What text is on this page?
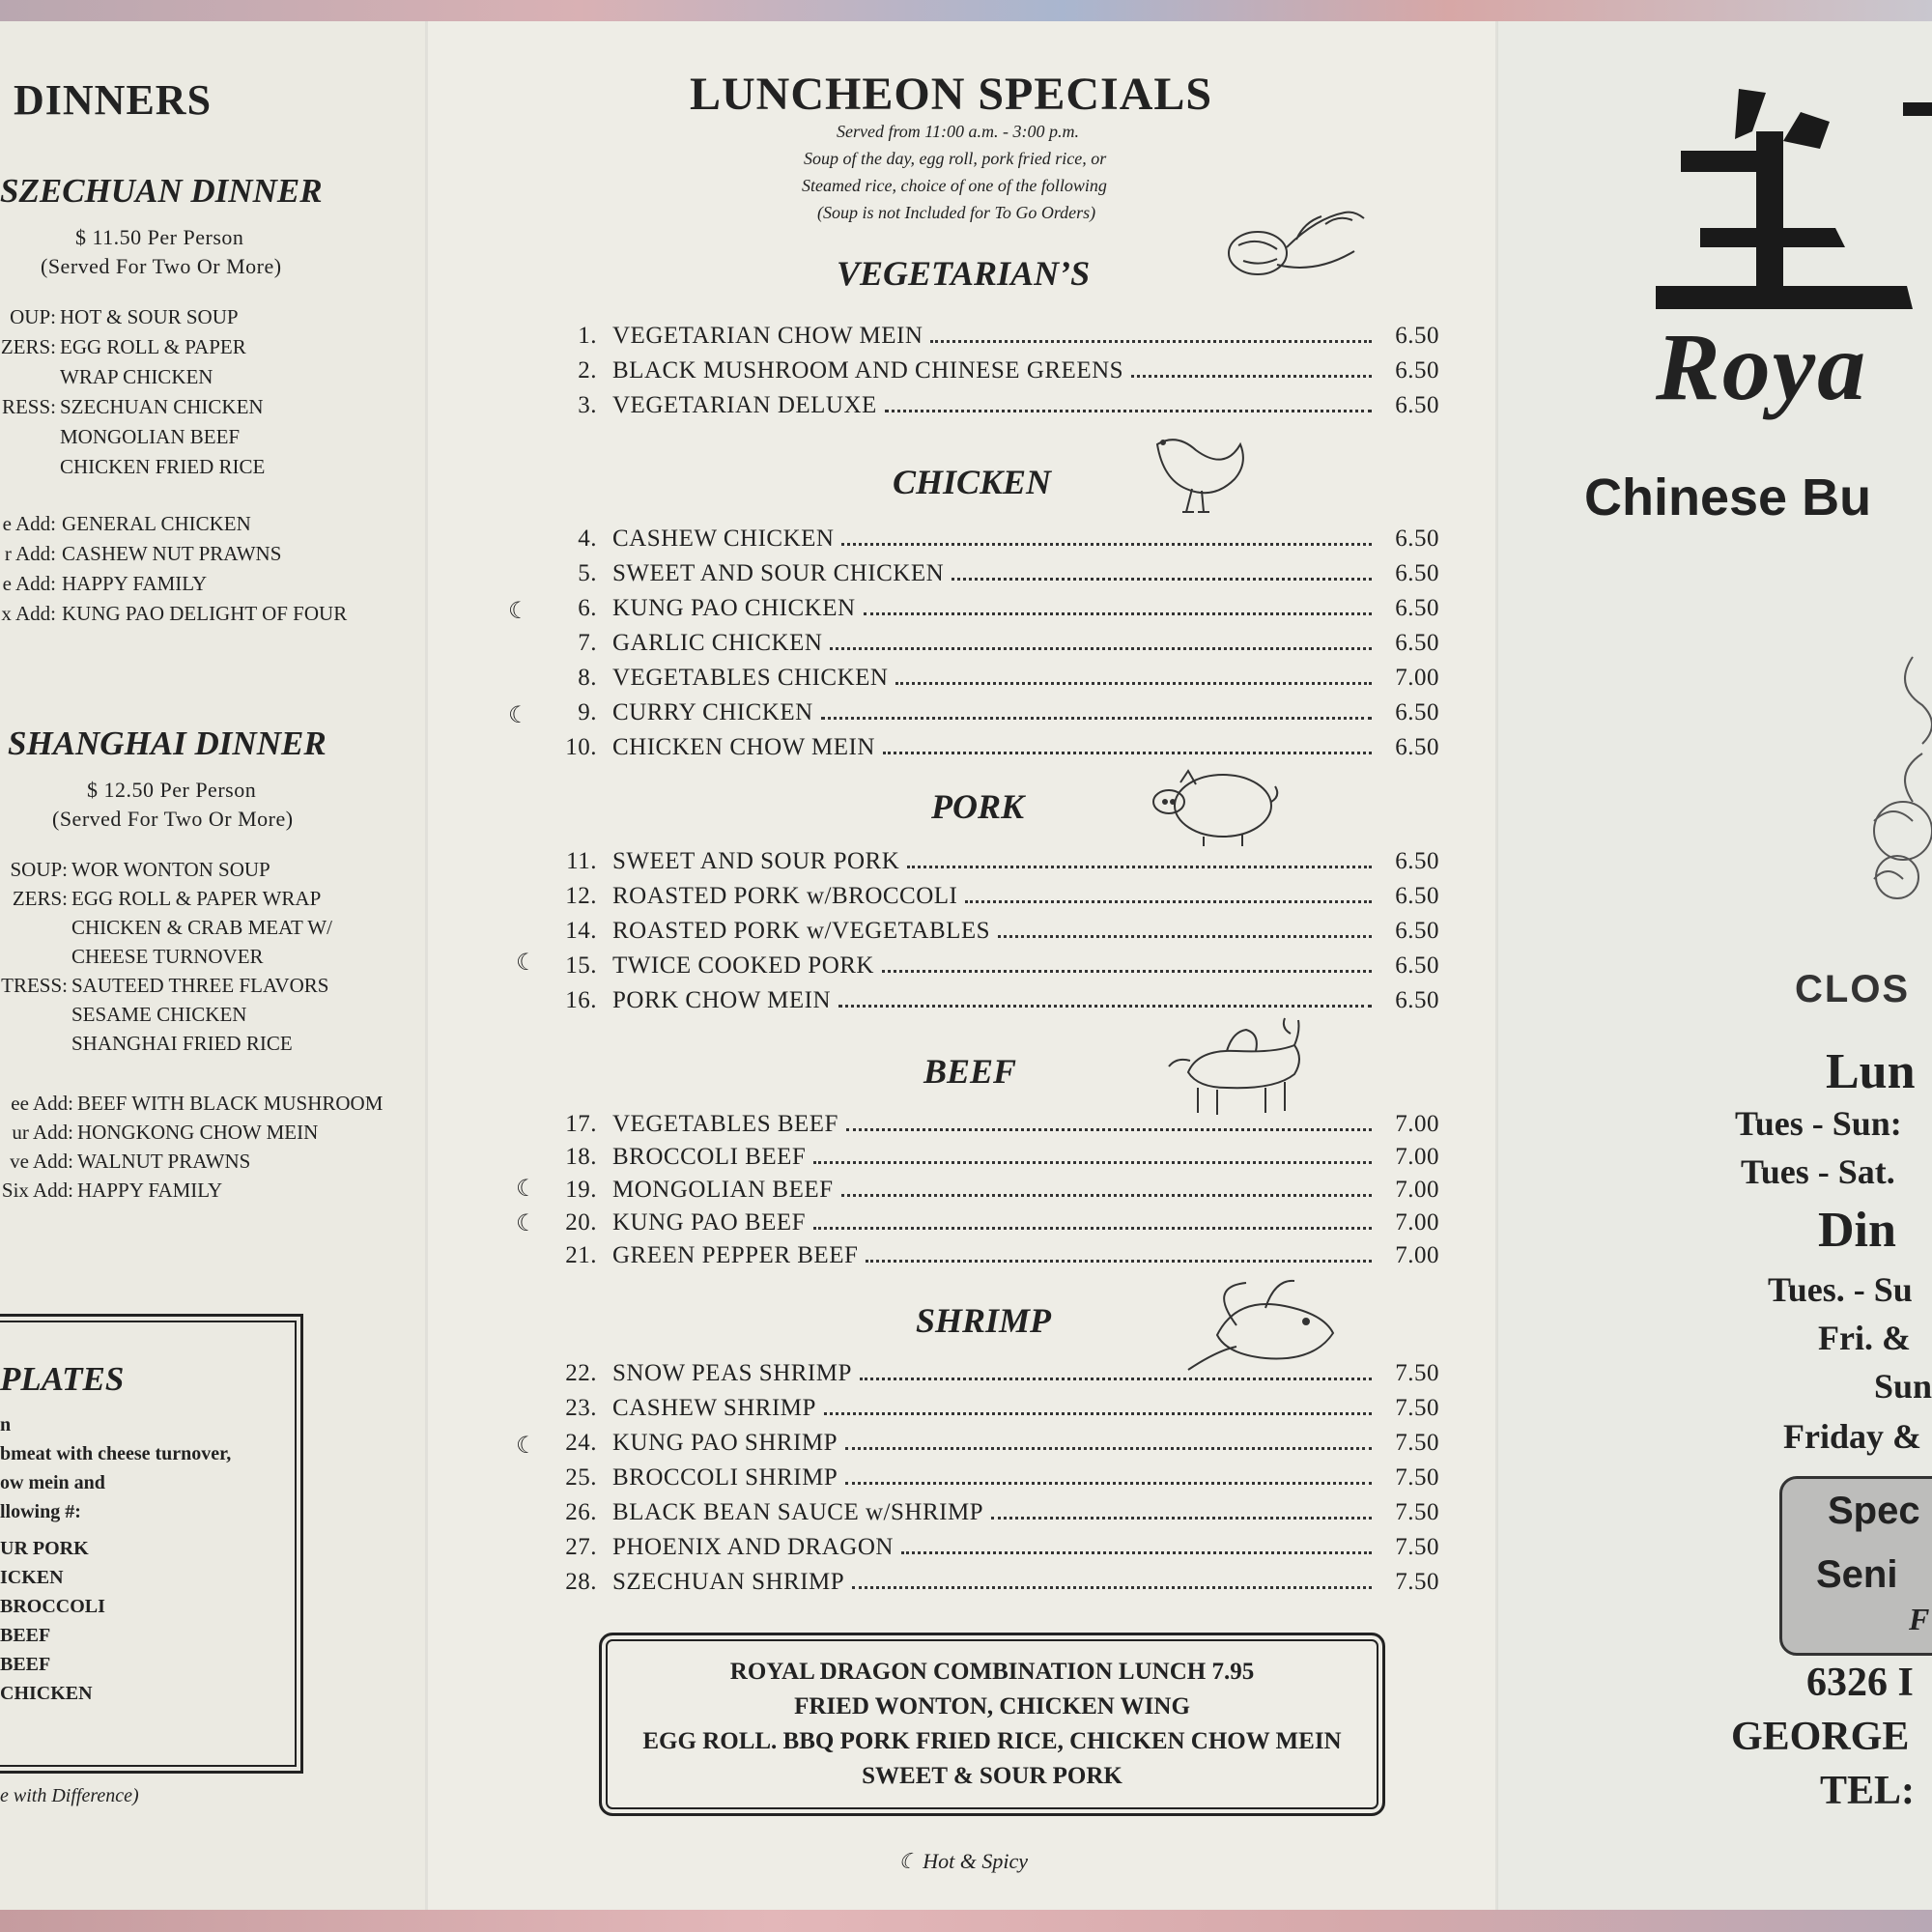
DINNERS
SZECHUAN DINNER
$ 11.50 Per Person
(Served For Two Or More)
OUP: HOT & SOUR SOUP
ZERS: EGG ROLL & PAPER
WRAP CHICKEN
RESS: SZECHUAN CHICKEN
MONGOLIAN BEEF
CHICKEN FRIED RICE
e Add: GENERAL CHICKEN
r Add: CASHEW NUT PRAWNS
e Add: HAPPY FAMILY
x Add: KUNG PAO DELIGHT OF FOUR
SHANGHAI DINNER
$ 12.50 Per Person
(Served For Two Or More)
SOUP: WOR WONTON SOUP
ZERS: EGG ROLL & PAPER WRAP
CHICKEN & CRAB MEAT W/
CHEESE TURNOVER
TRESS: SAUTEED THREE FLAVORS
SESAME CHICKEN
SHANGHAI FRIED RICE
ee Add: BEEF WITH BLACK MUSHROOM
ur Add: HONGKONG CHOW MEIN
ve Add: WALNUT PRAWNS
Six Add: HAPPY FAMILY
PLATES
n
bmeat with cheese turnover,
ow mein and
llowing #:
UR PORK
ICKEN
BROCCOLI
BEEF
BEEF
CHICKEN
e with Difference)
LUNCHEON SPECIALS
Served from 11:00 a.m. - 3:00 p.m.
Soup of the day, egg roll, pork fried rice, or
Steamed rice, choice of one of the following
(Soup is not Included for To Go Orders)
VEGETARIAN’S
CHICKEN
PORK
BEEF
SHRIMP
1. VEGETARIAN CHOW MEIN	6.50
2. BLACK MUSHROOM AND CHINESE GREENS	6.50
3. VEGETARIAN DELUXE	6.50
4. CASHEW CHICKEN	6.50
5. SWEET AND SOUR CHICKEN	6.50
6. KUNG PAO CHICKEN	6.50
7. GARLIC CHICKEN	6.50
8. VEGETABLES CHICKEN	7.00
9. CURRY CHICKEN	6.50
10. CHICKEN CHOW MEIN	6.50
11. SWEET AND SOUR PORK	6.50
12. ROASTED PORK w/BROCCOLI	6.50
14. ROASTED PORK w/VEGETABLES	6.50
15. TWICE COOKED PORK	6.50
16. PORK CHOW MEIN	6.50
17. VEGETABLES BEEF	7.00
18. BROCCOLI BEEF	7.00
19. MONGOLIAN BEEF	7.00
20. KUNG PAO BEEF	7.00
21. GREEN PEPPER BEEF	7.00
22. SNOW PEAS SHRIMP	7.50
23. CASHEW SHRIMP	7.50
24. KUNG PAO SHRIMP	7.50
25. BROCCOLI SHRIMP	7.50
26. BLACK BEAN SAUCE w/SHRIMP	7.50
27. PHOENIX AND DRAGON	7.50
28. SZECHUAN SHRIMP	7.50
☾
☾
☾
☾
☾
☾
ROYAL DRAGON COMBINATION LUNCH 7.95
FRIED WONTON, CHICKEN WING
EGG ROLL. BBQ PORK FRIED RICE, CHICKEN CHOW MEIN
SWEET & SOUR PORK
☾ Hot & Spicy
Roya
Chinese Bu
CLOS
Lun
Tues - Sun:
Tues - Sat.
Din
Tues. - Su
Fri. &
Sun
Friday &
Spec
Seni
F
6326 I
GEORGE
TEL:
